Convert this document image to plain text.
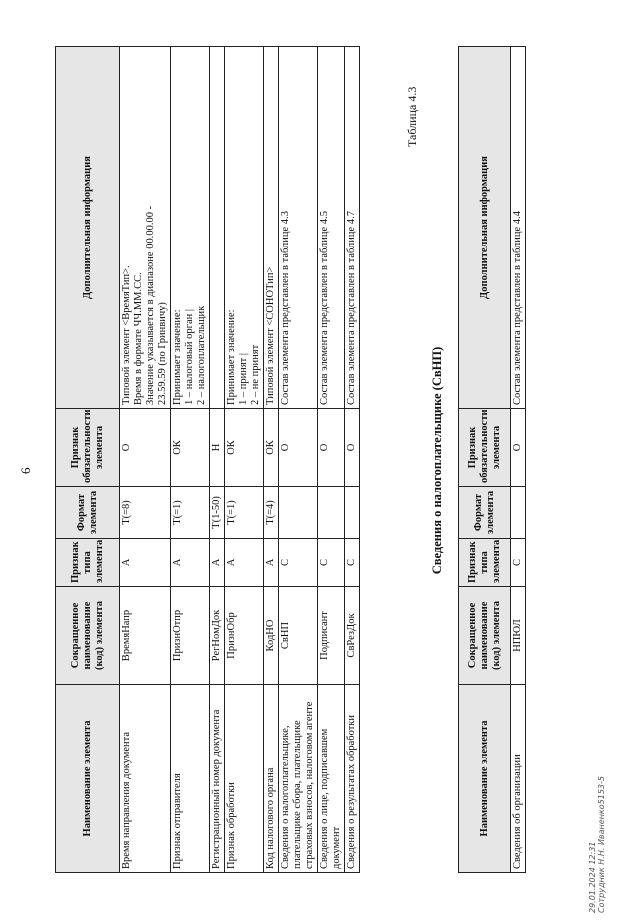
6
Наименование элемента	Сокращенное наименование (код) элемента	Признак типа элемента	Формат элемента	Признак обязательности элемента	Дополнительная информация
Время направления документа	ВремяНапр	А	T(=8)	О	Типовой элемент <ВремяТип>. Время в формате ЧЧ.ММ.СС. Значение указывается в диапазоне 00.00.00 - 23.59.59 (по Гринвичу)

Признак отправителя	ПризнОтпр	А	T(=1)	ОК	Принимает значение: 1 – налоговый орган | 2 – налогоплательщик

Регистрационный номер документа	РегНомДок	А	T(1-50)	Н	

Признак обработки	ПризнОбр	А	T(=1)	ОК	Принимает значение: 1 – принят | 2 – не принят

Код налогового органа	КодНО	А	T(=4)	ОК	Типовой элемент <СОНОТип>

Сведения о налогоплательщике, плательщике сбора, плательщике страховых взносов, налоговом агенте	СвНП	С		О	Состав элемента представлен в таблице 4.3

Сведения о лице, подписавшем документ	Подписант	С		О	Состав элемента представлен в таблице 4.5

Сведения о результатах обработки	СвРезДок	С		О	Состав элемента представлен в таблице 4.7
Таблица 4.3
Сведения о налогоплательщике (СвНП)
Наименование элемента	Сокращенное наименование (код) элемента	Признак типа элемента	Формат элемента	Признак обязательности элемента	Дополнительная информация
Сведения об организации	НПЮЛ	С		О	Состав элемента представлен в таблице 4.4
29.01.2024 12:31 Сотрудник Н.Н. Иваненко5153-5
